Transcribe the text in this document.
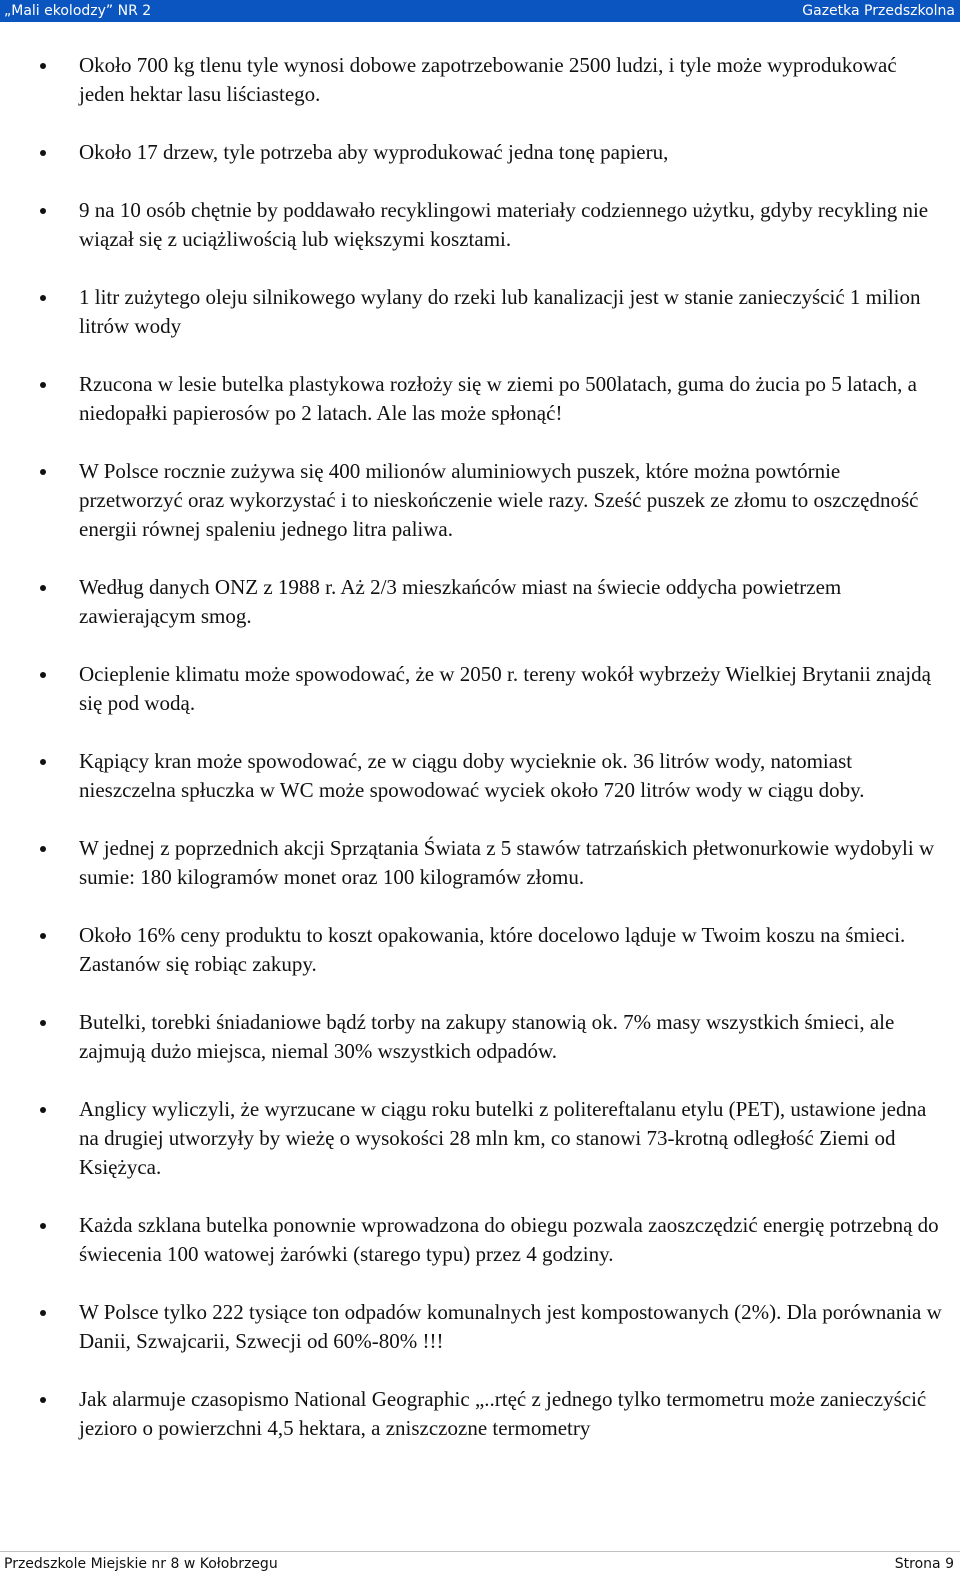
„Mali ekolodzy” NR 2	Gazetka Przedszkolna
Około 700 kg tlenu tyle wynosi dobowe zapotrzebowanie 2500 ludzi, i tyle może wyprodukować jeden hektar lasu liściastego.
Około 17 drzew, tyle potrzeba aby wyprodukować jedna tonę papieru,
9 na 10 osób chętnie by poddawało recyklingowi materiały codziennego użytku, gdyby recykling nie wiązał się z uciążliwością lub większymi kosztami.
1 litr zużytego oleju silnikowego wylany do rzeki lub kanalizacji jest w stanie zanieczyścić 1 milion litrów wody
Rzucona w lesie butelka plastykowa rozłoży się w ziemi po 500latach, guma do żucia po 5 latach, a niedopałki papierosów po 2 latach. Ale las może spłonąć!
W Polsce rocznie zużywa się 400 milionów aluminiowych puszek, które można powtórnie przetworzyć oraz wykorzystać i to nieskończenie wiele razy. Sześć puszek ze złomu to oszczędność energii równej spaleniu jednego litra paliwa.
Według danych ONZ z 1988 r. Aż 2/3 mieszkańców miast na świecie oddycha powietrzem zawierającym smog.
Ocieplenie klimatu może spowodować, że w 2050 r. tereny wokół wybrzeży Wielkiej Brytanii znajdą się pod wodą.
Kąpiący kran może spowodować, ze w ciągu doby wycieknie ok. 36 litrów wody, natomiast nieszczelna spłuczka w WC może spowodować wyciek około 720 litrów wody w ciągu doby.
W jednej z poprzednich akcji Sprzątania Świata z 5 stawów tatrzańskich płetwonurkowie wydobyli w sumie: 180 kilogramów monet oraz 100 kilogramów złomu.
Około 16% ceny produktu to koszt opakowania, które docelowo ląduje w Twoim koszu na śmieci. Zastanów się robiąc zakupy.
Butelki, torebki śniadaniowe bądź torby na zakupy stanowią ok. 7% masy wszystkich śmieci, ale zajmują dużo miejsca, niemal 30% wszystkich odpadów.
Anglicy wyliczyli, że wyrzucane w ciągu roku butelki z politereftalanu etylu (PET), ustawione jedna na drugiej utworzyły by wieżę o wysokości 28 mln km, co stanowi 73-krotną odległość Ziemi od Księżyca.
Każda szklana butelka ponownie wprowadzona do obiegu pozwala zaoszczędzić energię potrzebną do świecenia 100 watowej żarówki (starego typu) przez 4 godziny.
W Polsce tylko 222 tysiące ton odpadów komunalnych jest kompostowanych (2%). Dla porównania w Danii, Szwajcarii, Szwecji od 60%-80% !!!
Jak alarmuje czasopismo National Geographic „..rtęć z jednego tylko termometru może zanieczyścić jezioro o powierzchni 4,5 hektara, a zniszczozne termometry
Przedszkole Miejskie nr 8 w Kołobrzegu	Strona 9
